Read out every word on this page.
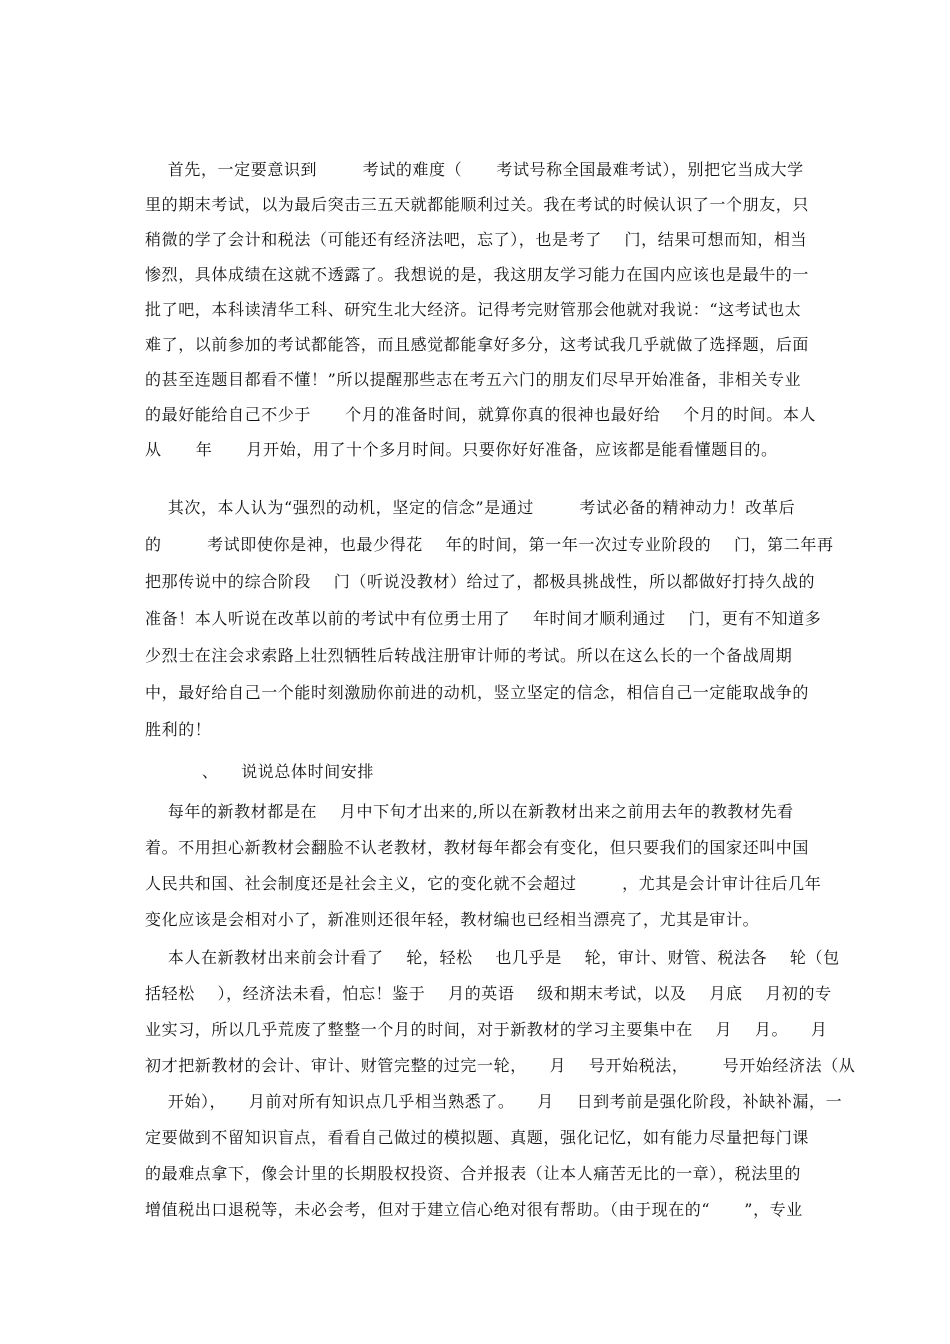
首先，一定要意识到        考试的难度（      考试号称全国最难考试），别把它当成大学
里的期末考试，以为最后突击三五天就都能顺利过关。我在考试的时候认识了一个朋友，只
稍微的学了会计和税法（可能还有经济法吧，忘了），也是考了    门，结果可想而知，相当
惨烈，具体成绩在这就不透露了。我想说的是，我这朋友学习能力在国内应该也是最牛的一
批了吧，本科读清华工科、研究生北大经济。记得考完财管那会他就对我说：“这考试也太
难了，以前参加的考试都能答，而且感觉都能拿好多分，这考试我几乎就做了选择题，后面
的甚至连题目都看不懂！”所以提醒那些志在考五六门的朋友们尽早开始准备，非相关专业
的最好能给自己不少于      个月的准备时间，就算你真的很神也最好给    个月的时间。本人
从      年      月开始，用了十个多月时间。只要你好好准备，应该都是能看懂题目的。
其次，本人认为“强烈的动机，坚定的信念”是通过        考试必备的精神动力！改革后
的        考试即使你是神，也最少得花    年的时间，第一年一次过专业阶段的    门，第二年再
把那传说中的综合阶段    门（听说没教材）给过了，都极具挑战性，所以都做好打持久战的
准备！本人听说在改革以前的考试中有位勇士用了    年时间才顺利通过    门，更有不知道多
少烈士在注会求索路上壮烈牺牲后转战注册审计师的考试。所以在这么长的一个备战周期
中，最好给自己一个能时刻激励你前进的动机，竖立坚定的信念，相信自己一定能取战争的
胜利的！
、    说说总体时间安排
每年的新教材都是在    月中下旬才出来的,所以在新教材出来之前用去年的教教材先看
着。不用担心新教材会翻脸不认老教材，教材每年都会有变化，但只要我们的国家还叫中国
人民共和国、社会制度还是社会主义，它的变化就不会超过        ，尤其是会计审计往后几年
变化应该是会相对小了，新准则还很年轻，教材编也已经相当漂亮了，尤其是审计。
本人在新教材出来前会计看了    轮，轻松    也几乎是    轮，审计、财管、税法各    轮（包
括轻松    ），经济法未看，怕忘！鉴于    月的英语    级和期末考试，以及    月底    月初的专
业实习，所以几乎荒废了整整一个月的时间，对于新教材的学习主要集中在    月    月。    月
初才把新教材的会计、审计、财管完整的过完一轮，    月    号开始税法，      号开始经济法（从
开始），    月前对所有知识点几乎相当熟悉了。    月    日到考前是强化阶段，补缺补漏，一
定要做到不留知识盲点，看看自己做过的模拟题、真题，强化记忆，如有能力尽量把每门课
的最难点拿下，像会计里的长期股权投资、合并报表（让本人痛苦无比的一章），税法里的
增值税出口退税等，未必会考，但对于建立信心绝对很有帮助。（由于现在的“      ”，专业
